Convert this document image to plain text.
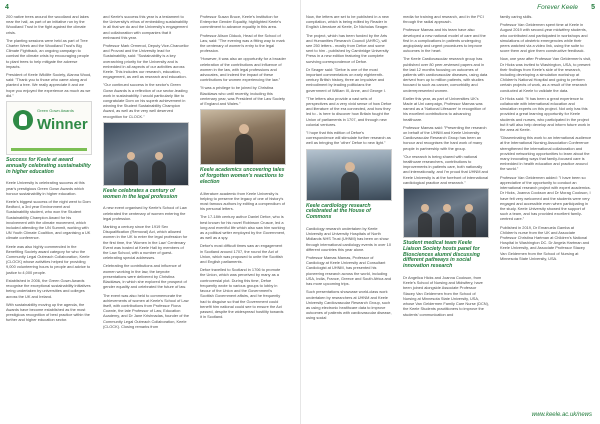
4	Forever Keele 5

200 native trees around the woodland and lakes near the hall, as part of an initiative run by the Woodland Trust in the fight against the climate crisis.

The planting sessions were held as part of Tree Charter Week and the Woodland Trust's Big Climate Fightback, an ongoing campaign to combat the climate crisis by encouraging people to plant trees to help mitigate the adverse impacts.

President of Keele Wildlife Society, Alanna Wood, said: "Thank you to those who came along and planted a tree. We really appreciate it and we hope you enjoyed the experience as much as we did."

Green Gown Awards
Winner
Success for Keele at award annually celebrating sustainability in higher education

Keele University is celebrating success at this year's prestigious Green Gown Awards which honour sustainability in higher education.

Keele's biggest success of the night went to Dom Bedford, a 3rd year Environment and Sustainability student, who won the Student Sustainability Champion Award for his involvement with the climate movement, which included attending the UN Summit, working with UN Youth Climate Coalition, and organising a UK climate conference.

Keele was also highly commended in the Benefiting Society award category for who the Community Legal Outreach Collaboration, Keele (CLOCK) whose activities helped for providing 9,000 volunteering hours to people and advice to justice to 4,000 people.

Established in 2006, the Green Gown Awards recognise the exceptional sustainability initiatives being undertaken by universities and colleges across the UK and Ireland.

With sustainability moving up the agenda, the Awards have become established as the most prestigious recognition of best practice within the further and higher education sector.

and Keele's success this year is a testament to the University's ethos of embedding sustainability in all that we do and the University's engagement and collaboration with companies that it embraced this year.

Professor Mark Ormerod, Deputy Vice-Chancellor and Provost and the University lead for Sustainability, said: "Sustainability is a key overarching priority for the University and is embedded in all aspects of our activities across Keele. This includes our research, education, engagement, as well as research and education.

"Our continued success in the sector's Green Gown Awards is a reflection of our sector-leading work in sustainability. I would particularly like to congratulate Dom on his superb achievement in winning the Student Sustainability Champion Award, as well as the very well deserved recognition for CLOCK."

Keele celebrates a century of women in the legal profession

A new event organised by Keele's School of Law celebrated the centenary of women entering the legal profession.

Marking a century since the 1919 Sex Disqualification (Removal) Act, which allowed women in the UK to enter the legal profession for the first time, the 'Women in the Law' Centenary Event was hosted at Keele Hall by members of the Law School, with a number of guest-celebrating special addresses.

Celebrating the contributions and influence of women working in the law, the keynote presentations were delivered by Christina Blacklaws, in which she explored the prospect of gender equality and celebrated the future of law.

The event was also held to commemorate the achievements of women at Keele's School of Law itself, with contributions from Professor Fiona Cownie, the late Professor of Law, Education Academy, and Dr Jane Krishnadas, founder of the Community Legal Outreach Collaboration, Keele (CLOCK). Closing remarks from

Professor Susan Bruce, Keele's Institution for Enterprise Gender Equality, highlighted Keele's commitment to advance equality in this area.

Professor Alison Diduck, Head of the School of Law, said: "The evening was a fitting way to mark the centenary of women's entry to the legal profession.

"However, it was also an opportunity for a broader celebration of the contributions and influence of women in the law, with legal professions and advocates, and indeed the impact of these contributions for women experiencing the law."

"It was a privilege to be joined by Christina Blacklaws who until recently, including this centenary year, was President of the Law Society of England and Wales."

Keele academics uncovering tales of forgotten women's reactions to election

A literature academic from Keele University is helping to preserve the legacy of one of history's most famous authors by editing a compendium of his personal letters.

The 17-18th century author Daniel Defoe, who is best known for his novel Robinson Crusoe, led a long and eventful life which also saw him working as a political writer employed by the Government, as well as a spy.

Defoe's most difficult times saw an engagement in Scotland around 1707, the round the Act of Union, which was proposed to unite the Scottish and English parliaments.

Defoe travelled to Scotland in 1706 to promote the Union, which was perceived by many as a controversial plot. During this time, Defoe frequently wrote to various groups to lobby in favour of the Union and the Government's Scottish Government affairs, and he frequently had to disguise so that the Government could benefit him national could see to ensure the Act passed, despite the widespread hostility towards it in Scotland.

Now, the letters are set to be published in a new compilation, which is being edited by Reader in English Literature at Keele, Dr Nicholas Seager.

The project, which has been funded by the Arts and Humanities Research Council (AHRC), will see 250 letters - mostly from Defoe and some sent to him - published by Cambridge University Press in a new edition featuring the complete surviving correspondence of Defoe.

Dr Seager said: "Defoe is one of the most important commentators on early eighteenth-century British history, three an impulsive and embodiment by leading politicians the government of William III, Anne, and George I.

"The letters also provide a vast sets of perspectives and a very vivid sense of how Defoe and literature of the era connected, and how they led to - is here to discover how Britain fought the Union of parliaments in 1707, and through new colonial ventures.

"I hope that this edition of Defoe's correspondence will stimulate further research as well as bringing the 'other' Defoe to new light."

Keele cardiology research celebrated at the House of Commons

Cardiology research undertaken by Keele University and University Hospitals of North Midlands NHS Trust (UHNM) has been on show through international cardiology events in over 10 different countries this year alone.

Professor Mamas Mamas, Professor of Cardiology at Keele University and Consultant Cardiologist at UHNM, has presented his pioneering research across the world, including USA, India, France, Greece and South Africa and has more upcoming trips.

Such presentations showcase world-class work undertaken by researchers at UHNM and Keele University Cardiovascular Research Group, such as using electronic healthcare data to improve outcomes of patients with cardiovascular disease, using social

media for training and research, and in the PCI through the radial approach.

Professor Mamas and his team have also developed a new national model of care and the first in a complications in patients undergoing angioplasty and urgent procedures to improve outcomes in the heart.

The Keele Cardiovascular research group has published over 80 peer-reviewed papers and in the last 12 months focusing on outcomes of patients with cardiovascular diseases, using data derived from up to million patients, with studies focused to such as cancer, comorbidity and underrepresented women.

Earlier this year, as part of Universities UK's Made at Uni campaign, Professor Mamas was named as a 'National Lifesaver' in recognition of his excellent contributions to advancing healthcare.

Professor Mamas said: "Presenting the research on behalf of the UHNM and Keele University Cardiovascular Research Group has been an honour and recognises the hard work of many people in partnership with the group.

"Our research is being shared with national healthcare researchers, contributions to improvements in patients care, both nationally and internationally, and I'm proud that UHNM and Keele University is at the forefront of international cardiological practice and research."

Student medical team Keele Liaison Society hosts panel for Biosciences alumni discussing different pathways in social innovation research

Dr Angelica Hicks and Joanna Cookson, from Keele's School of Nursing and Midwifery, have been joined alongside Associate Professor Stacey Van Geldermen from the School of Nursing at Minnesota State University, USA, whose Van Geldermen Family Care Nurse (DCN), the Keele Students practitioners to improve the students' communication and

family caring skills.

Professor Van Geldermen spent time at Keele in August 2019 with second-year midwifery students, who contributed and participated in workshops and simulations of obstetric emergencies while their peers watched via a video link, using the suite to score them and give them constructive feedback.

Now, one year after Professor Van Geldermen's visit, Dr Hicks was invited to Washington, USA, to present their findings from Keele's side of the research, including developing a simulation workshop at Children's National Hospital and going to perform certain projects of work, as a result of the research conducted at Keele to validate the data.

Dr Hicks said: "It has been a great experience to collaborate with international education and simulation experts on this project. Not only has this provided a great learning opportunity for Keele students and nurses, who participated in the project but it will also help develop and inform future work in the area at Keele.

"Disseminating this work to an international audience at the International Nursing Association Conference strengthened the international collaboration and provided networking opportunities to learn about the many innovating ways that family-focused care is embedded in health education and practice around the world."

Professor Van Geldermen added: "I have been so appreciative of the opportunity to conduct an international research project with expert academics. Dr Hicks, Joanna Cookson and Dr Morag Cookson, I have felt very welcomed and the students were very engaged and accessible even when participating in the study. Keele University showed the support of such a team, and has provided excellent family-centred care."

Published in 2019, Dr Emanuela Gamba at Children's nurse from the UK and Associate Professor Christina Hartman at Children's National Hospital in Washington DC. Dr Angela Hartman and Keele University, and Associate Professor Stacey Van Geldermen from the School of Nursing at Minnesota State University, USA.

www.keele.ac.uk/news
